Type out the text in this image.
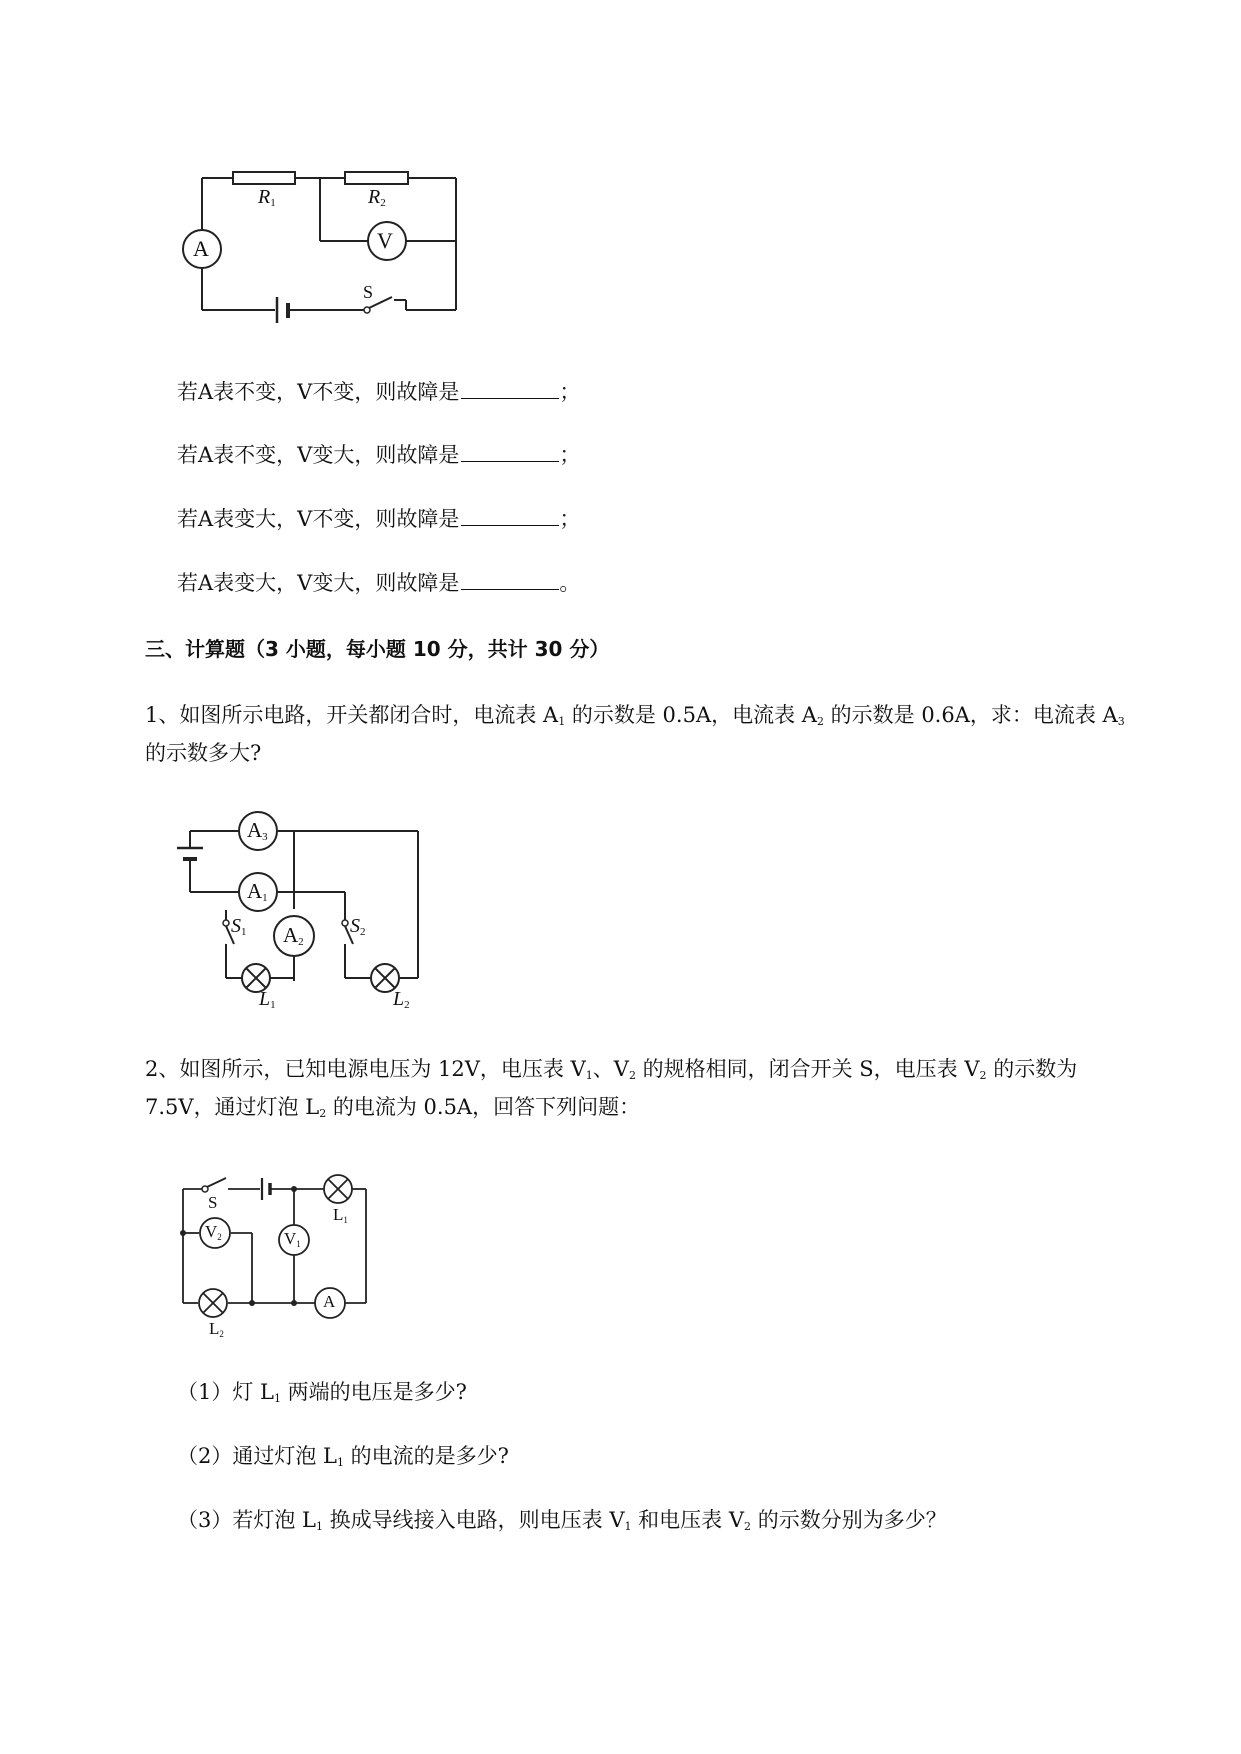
$R_1$	$R_2$
A	V
S
若A表不变，V不变，则故障是	；
若A表不变，V变大，则故障是	；
若A表变大，V不变，则故障是	；
若A表变大，V变大，则故障是	。
三、计算题（3 小题，每小题 10 分，共计 30 分）
1、如图所示电路，开关都闭合时，电流表 $A_1$ 的示数是 0.5A，电流表 $A_2$ 的示数是 0.6A，求：电流表 $A_3$
的示数多大?
$A_3$
$A_1$
$A_2$
$S_1$	$S_2$
$L_1$	$L_2$
2、如图所示，已知电源电压为 12V，电压表 $V_1$、$V_2$ 的规格相同，闭合开关 S，电压表 $V_2$ 的示数为
7.5V，通过灯泡 $L_2$ 的电流为 0.5A，回答下列问题：
S
$V_2$	$V_1$
A
$L_1$
$L_2$
（1）灯 $L_1$ 两端的电压是多少?
（2）通过灯泡 $L_1$ 的电流的是多少?
（3）若灯泡 $L_1$ 换成导线接入电路，则电压表 $V_1$ 和电压表 $V_2$ 的示数分别为多少？
